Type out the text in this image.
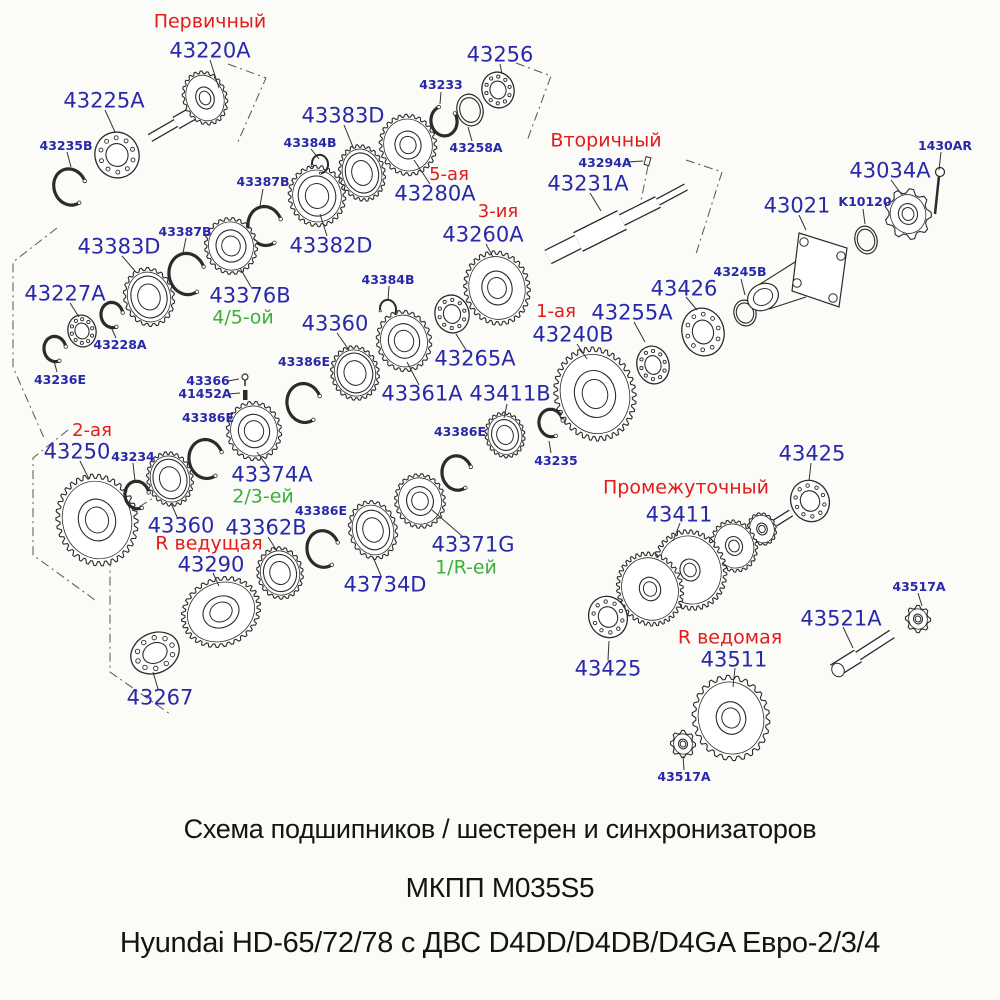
Первичный
43220A
43225A
43235B
43383D
43384B
43256
43233
43258A
43387B
43387B
5-ая
43280A
43382D
Вторичный
43294A
43231A
3-ия
43260A
1430AR
43034A
K10120
43021
43383D
43227A	43376B
4/5-ой
43228A
43236E
43360
43384B
43245B
43426
1-ая 43255A
43240B
43265A
43386E
43366
41452A
43386E
43361A 43411B
43386E
43235
2-ая
43250 43234
43374A
2/3-ей
43386E
43360 43362B
R ведущая
43290
43371G
1/R-ей
43734D
43267
Промежуточный
43411
43425
43425
43517A
43521A
R ведомая
43511
43517A
Схема подшипников / шестерен и синхронизаторов
МКПП M035S5
Hyundai HD-65/72/78 с ДВС D4DD/D4DB/D4GA Евро-2/3/4
